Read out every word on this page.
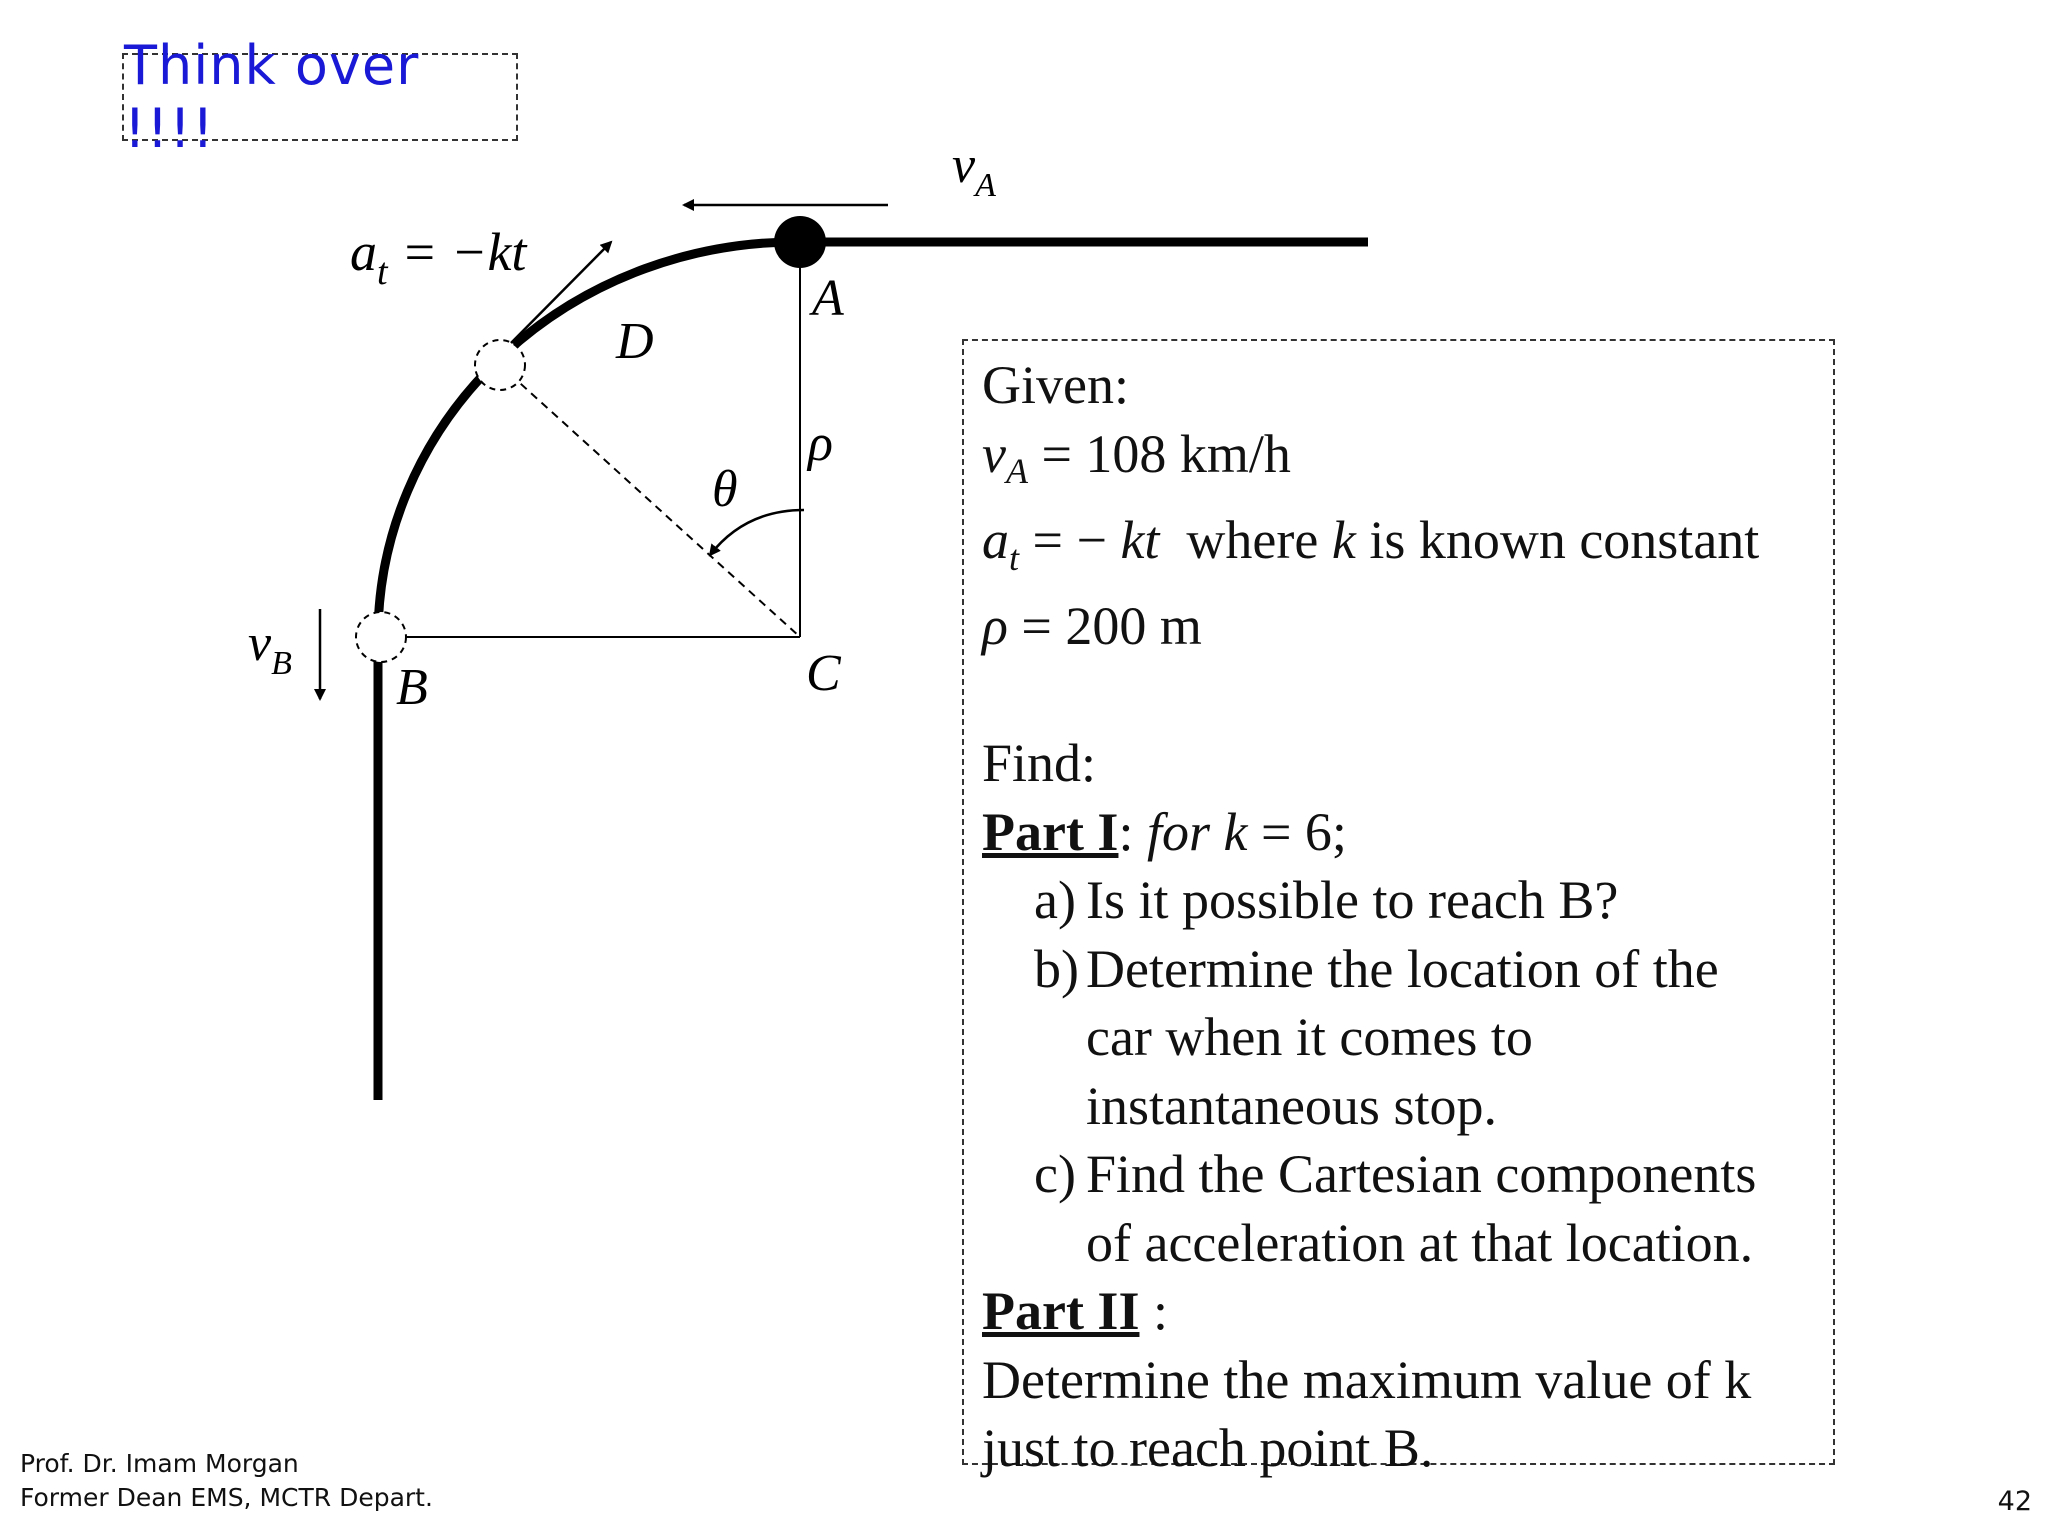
Think over !!!!
$v_A$
$a_t = -kt$
A
D
ρ
θ
$v_B$ B	C
Given:
$v_A = 108$ km/h
$a_t$ = − kt  where k is known constant
ρ = 200 m
Find:
Part I: for k = 6;
a) Is it possible to reach B?
b) Determine the location of the
car when it comes to
instantaneous stop.
c) Find the Cartesian components
of acceleration at that location.
Part II :
Determine the maximum value of k
just to reach point B.
Prof. Dr. Imam Morgan
Former Dean EMS, MCTR Depart.	42
